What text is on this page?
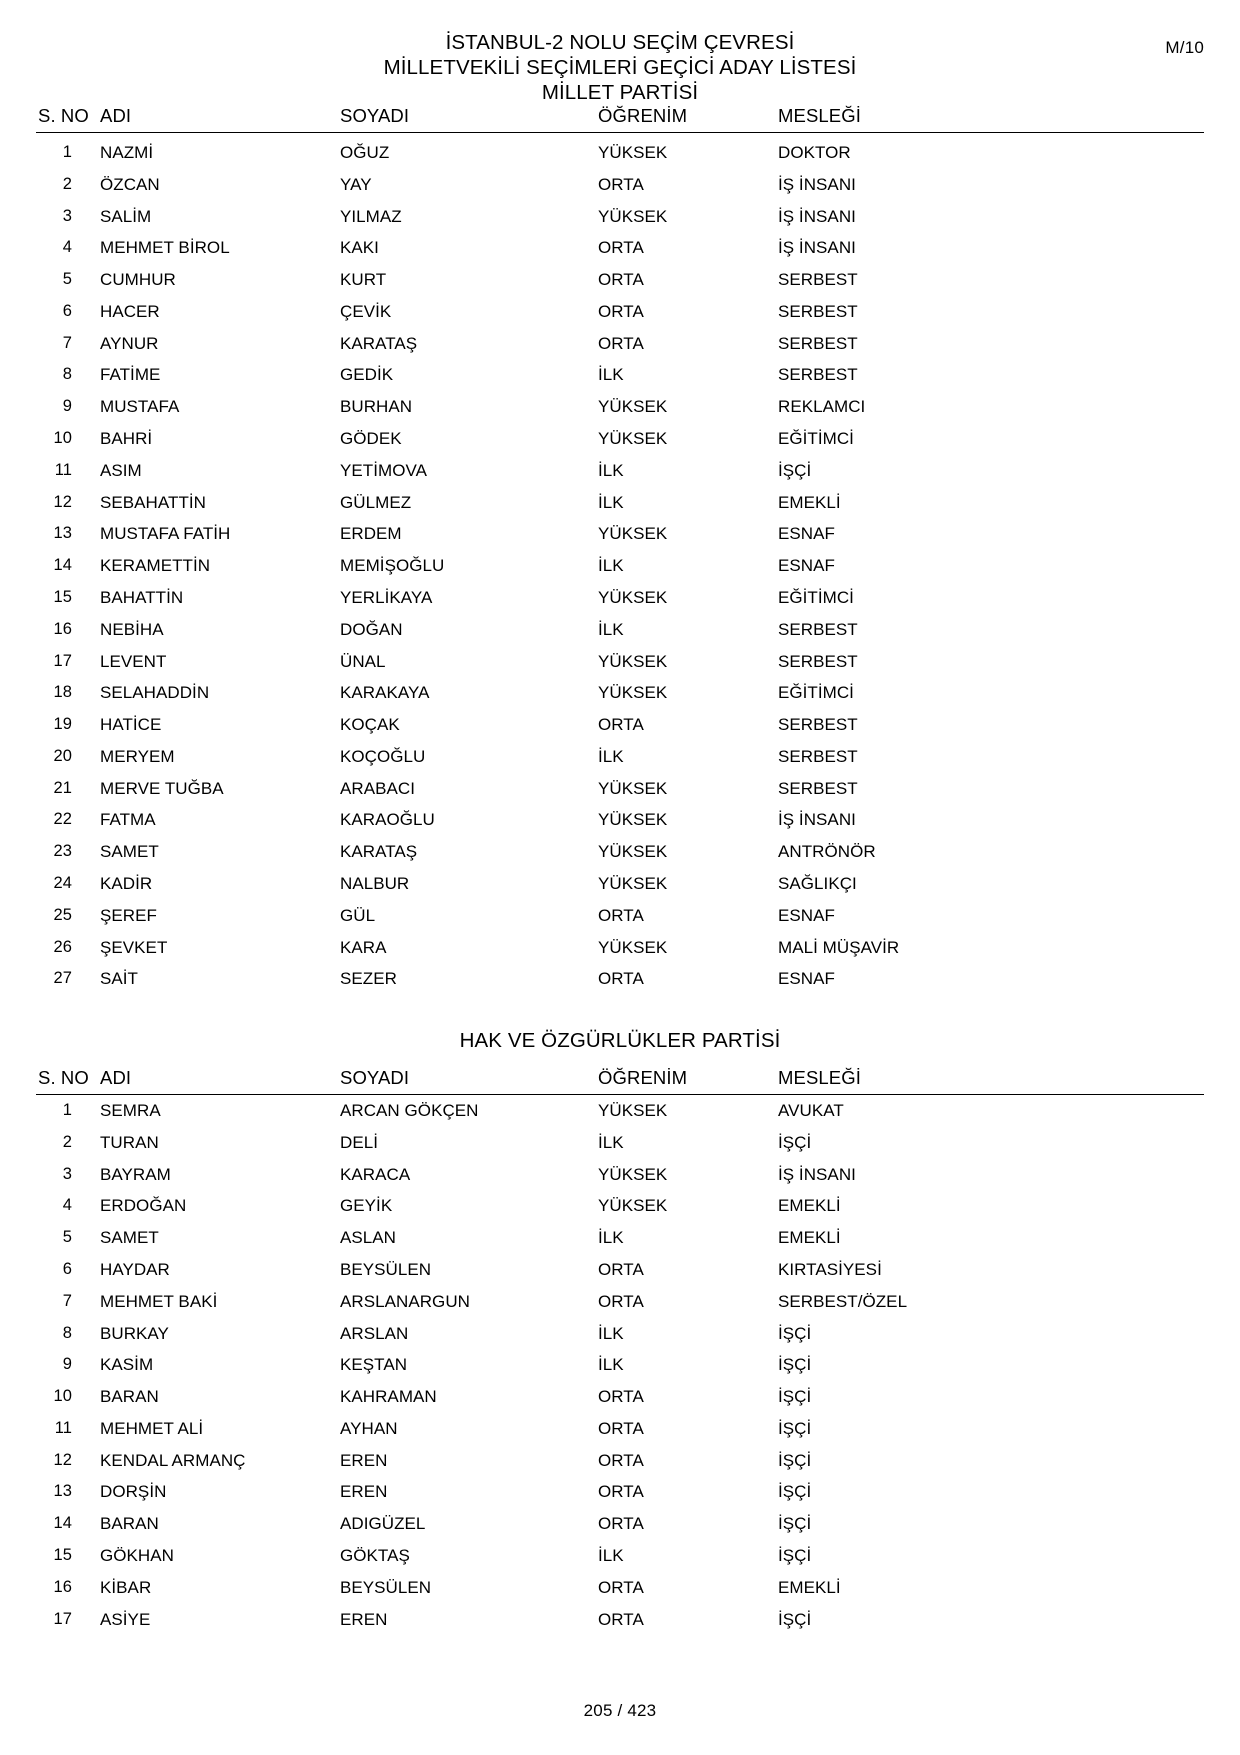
M/10
İSTANBUL-2 NOLU SEÇİM ÇEVRESİ
MİLLETVEKİLİ SEÇİMLERİ GEÇİCİ ADAY LİSTESİ
MİLLET PARTİSİ
S. NO	ADI	SOYADI	ÖĞRENİM	MESLEĞİ
1	NAZMİ	OĞUZ	YÜKSEK	DOKTOR
2	ÖZCAN	YAY	ORTA	İŞ İNSANI
3	SALİM	YILMAZ	YÜKSEK	İŞ İNSANI
4	MEHMET BİROL	KAKI	ORTA	İŞ İNSANI
5	CUMHUR	KURT	ORTA	SERBEST
6	HACER	ÇEVİK	ORTA	SERBEST
7	AYNUR	KARATAŞ	ORTA	SERBEST
8	FATİME	GEDİK	İLK	SERBEST
9	MUSTAFA	BURHAN	YÜKSEK	REKLAMCI
10	BAHRİ	GÖDEK	YÜKSEK	EĞİTİMCİ
11	ASIM	YETİMOVA	İLK	İŞÇİ
12	SEBAHATTİN	GÜLMEZ	İLK	EMEKLİ
13	MUSTAFA FATİH	ERDEM	YÜKSEK	ESNAF
14	KERAMETTİN	MEMİŞOĞLU	İLK	ESNAF
15	BAHATTİN	YERLİKAYA	YÜKSEK	EĞİTİMCİ
16	NEBİHA	DOĞAN	İLK	SERBEST
17	LEVENT	ÜNAL	YÜKSEK	SERBEST
18	SELAHADDİN	KARAKAYA	YÜKSEK	EĞİTİMCİ
19	HATİCE	KOÇAK	ORTA	SERBEST
20	MERYEM	KOÇOĞLU	İLK	SERBEST
21	MERVE TUĞBA	ARABACI	YÜKSEK	SERBEST
22	FATMA	KARAOĞLU	YÜKSEK	İŞ İNSANI
23	SAMET	KARATAŞ	YÜKSEK	ANTRÖNÖR
24	KADİR	NALBUR	YÜKSEK	SAĞLIKÇI
25	ŞEREF	GÜL	ORTA	ESNAF
26	ŞEVKET	KARA	YÜKSEK	MALİ MÜŞAVİR
27	SAİT	SEZER	ORTA	ESNAF
HAK VE ÖZGÜRLÜKLER PARTİSİ
S. NO	ADI	SOYADI	ÖĞRENİM	MESLEĞİ
1	SEMRA	ARCAN GÖKÇEN	YÜKSEK	AVUKAT
2	TURAN	DELİ	İLK	İŞÇİ
3	BAYRAM	KARACA	YÜKSEK	İŞ İNSANI
4	ERDOĞAN	GEYİK	YÜKSEK	EMEKLİ
5	SAMET	ASLAN	İLK	EMEKLİ
6	HAYDAR	BEYSÜLEN	ORTA	KIRTASİYESİ
7	MEHMET BAKİ	ARSLANARGUN	ORTA	SERBEST/ÖZEL
8	BURKAY	ARSLAN	İLK	İŞÇİ
9	KASİM	KEŞTAN	İLK	İŞÇİ
10	BARAN	KAHRAMAN	ORTA	İŞÇİ
11	MEHMET ALİ	AYHAN	ORTA	İŞÇİ
12	KENDAL ARMANÇ	EREN	ORTA	İŞÇİ
13	DORŞİN	EREN	ORTA	İŞÇİ
14	BARAN	ADIGÜZEL	ORTA	İŞÇİ
15	GÖKHAN	GÖKTAŞ	İLK	İŞÇİ
16	KİBAR	BEYSÜLEN	ORTA	EMEKLİ
17	ASİYE	EREN	ORTA	İŞÇİ
205 / 423
